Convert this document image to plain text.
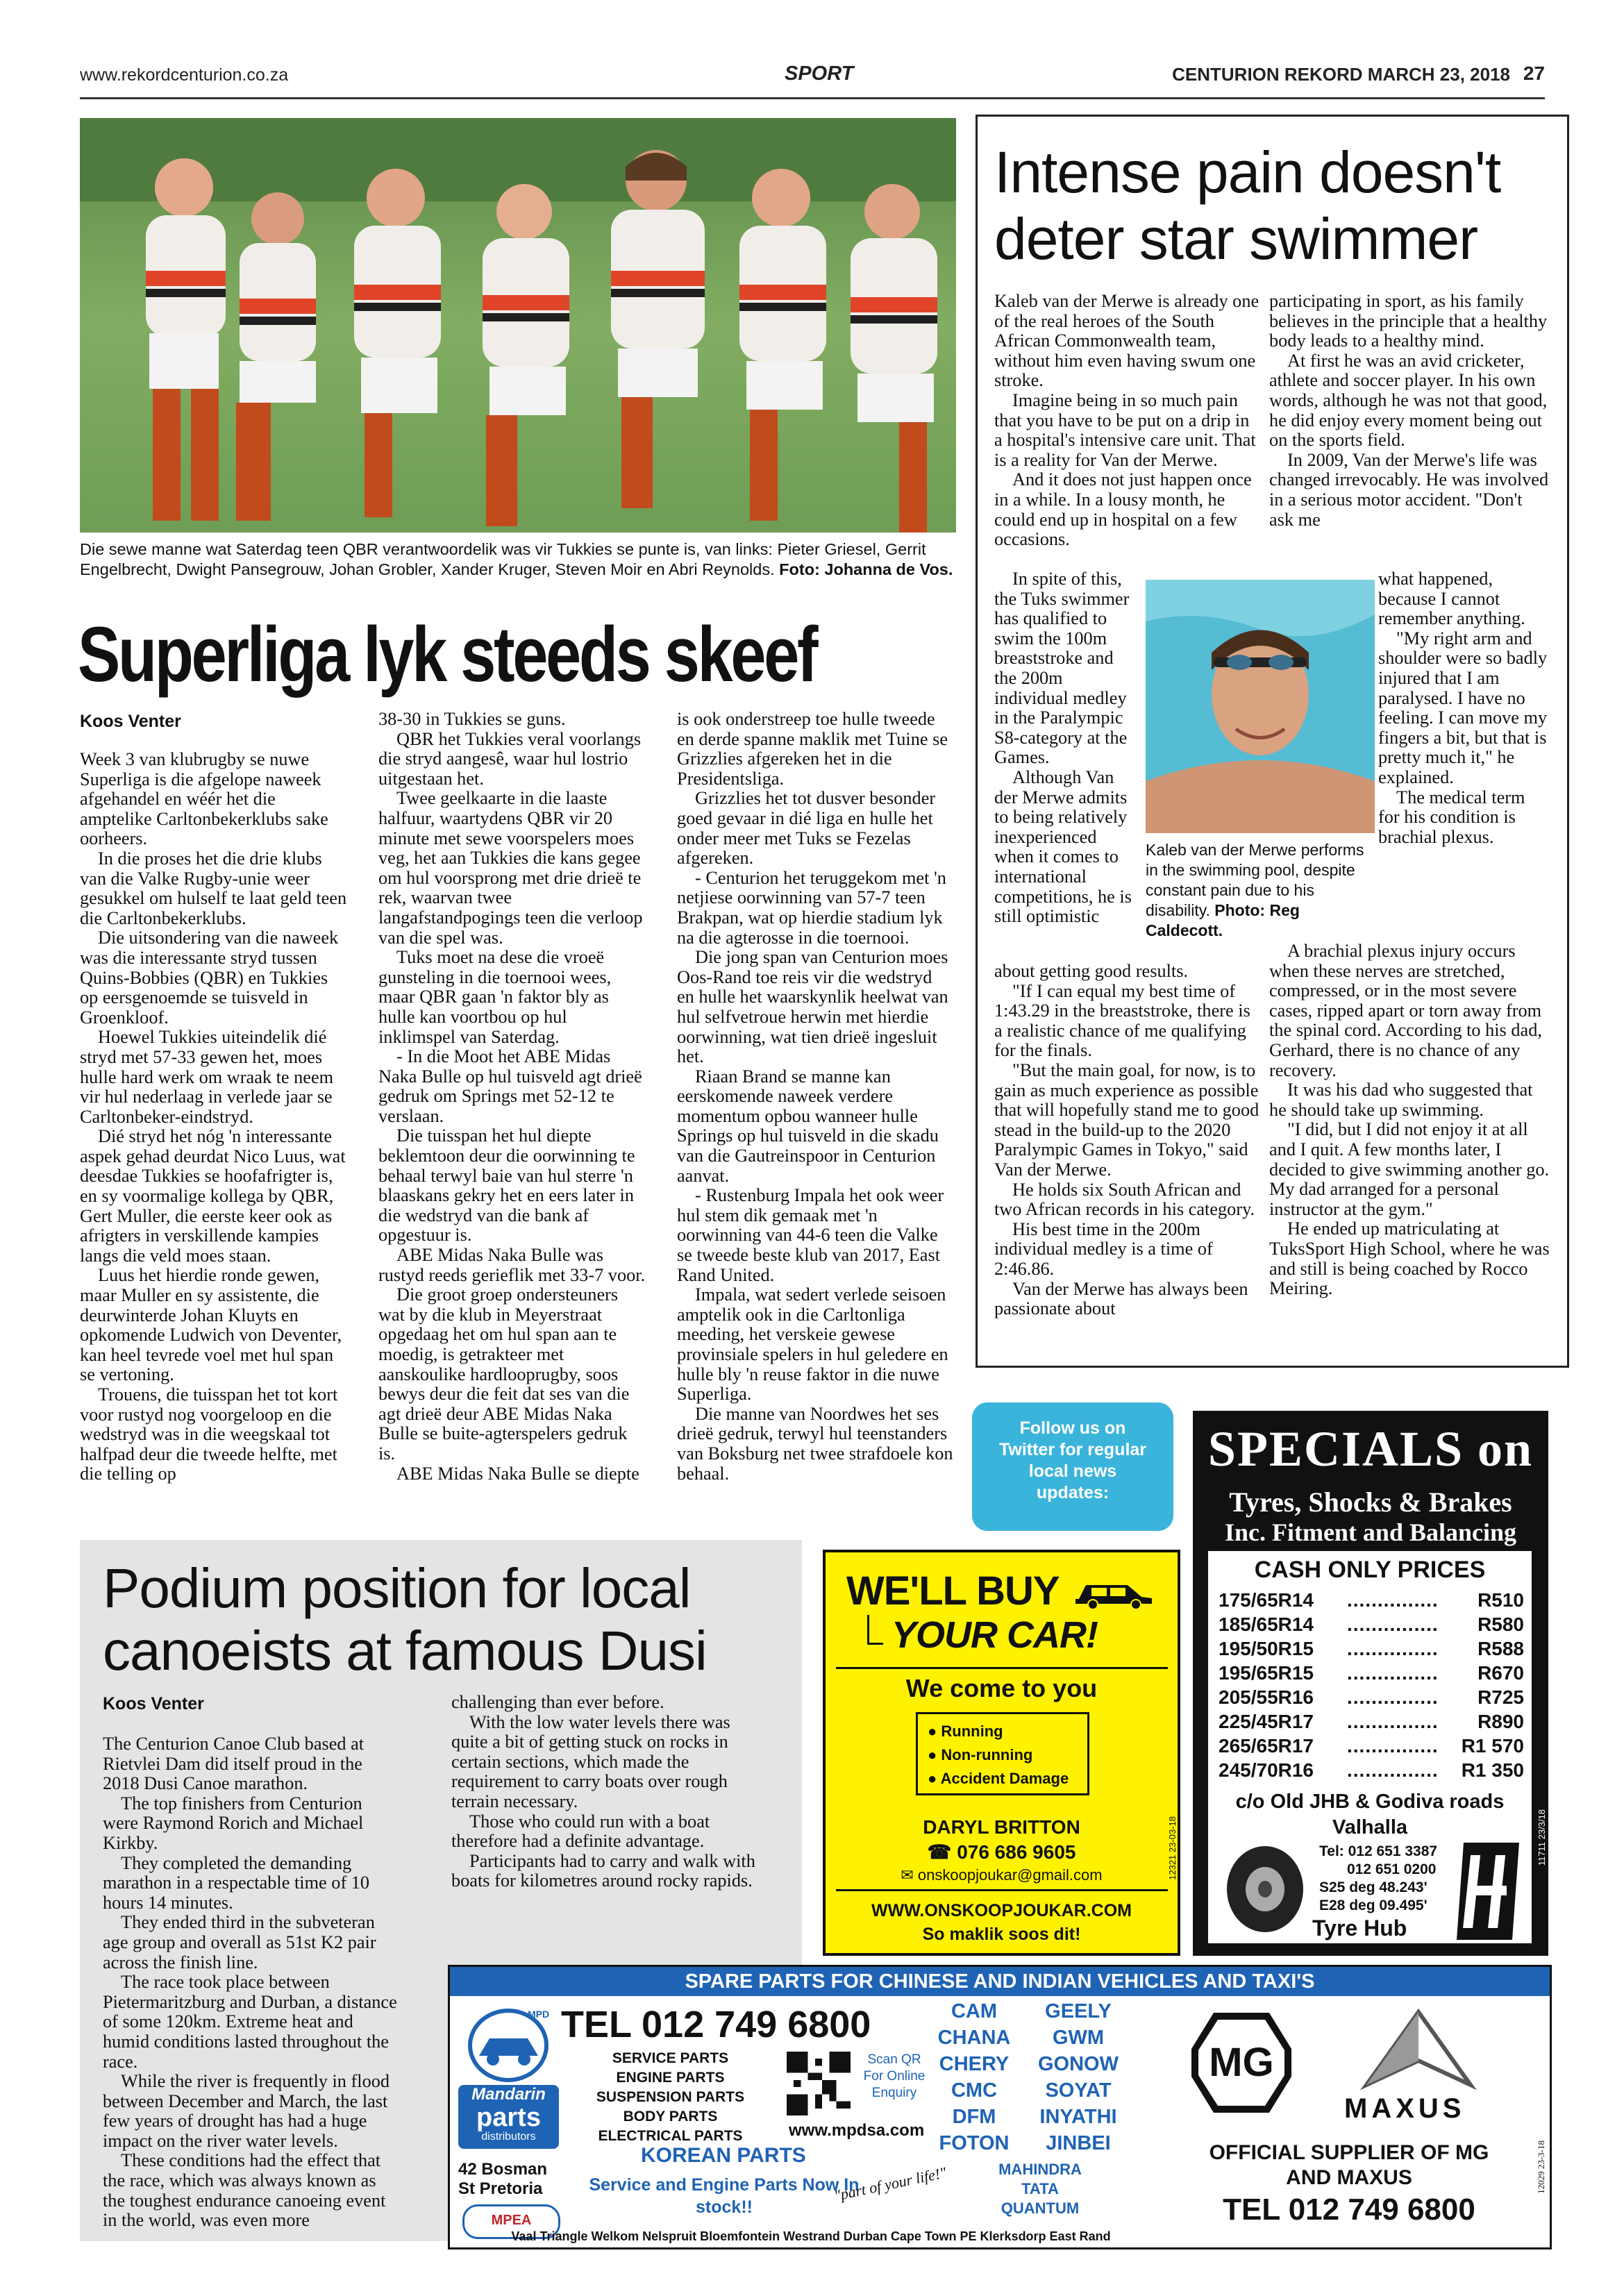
www.rekordcenturion.co.za	SPORT	CENTURION REKORD MARCH 23, 2018 27
Die sewe manne wat Saterdag teen QBR verantwoordelik was vir Tukkies se punte is, van links: Pieter Griesel, Gerrit Engelbrecht, Dwight Pansegrouw, Johan Grobler, Xander Kruger, Steven Moir en Abri Reynolds. Foto: Johanna de Vos.
Superliga lyk steeds skeef
Koos Venter

Week 3 van klubrugby se nuwe Superliga is die afgelope naweek afgehandel en wéér het die amptelike Carltonbekerklubs sake oorheers.

In die proses het die drie klubs van die Valke Rugby-unie weer gesukkel om hulself te laat geld teen die Carltonbekerklubs.

Die uitsondering van die naweek was die interessante stryd tussen Quins-Bobbies (QBR) en Tukkies op eersgenoemde se tuisveld in Groenkloof.

Hoewel Tukkies uiteindelik dié stryd met 57-33 gewen het, moes hulle hard werk om wraak te neem vir hul nederlaag in verlede jaar se Carltonbeker-eindstryd.

Dié stryd het nóg 'n interessante aspek gehad deurdat Nico Luus, wat deesdae Tukkies se hoofafrigter is, en sy voormalige kollega by QBR, Gert Muller, die eerste keer ook as afrigters in verskillende kampies langs die veld moes staan.

Luus het hierdie ronde gewen, maar Muller en sy assistente, die deurwinterde Johan Kluyts en opkomende Ludwich von Deventer, kan heel tevrede voel met hul span se vertoning.

Trouens, die tuisspan het tot kort voor rustyd nog voorgeloop en die wedstryd was in die weegskaal tot halfpad deur die tweede helfte, met die telling op

38-30 in Tukkies se guns.

QBR het Tukkies veral voorlangs die stryd aangesê, waar hul lostrio uitgestaan het.

Twee geelkaarte in die laaste halfuur, waartydens QBR vir 20 minute met sewe voorspelers moes veg, het aan Tukkies die kans gegee om hul voorsprong met drie drieë te rek, waarvan twee langafstandpogings teen die verloop van die spel was.

Tuks moet na dese die vroeë gunsteling in die toernooi wees, maar QBR gaan 'n faktor bly as hulle kan voortbou op hul inklimspel van Saterdag.

- In die Moot het ABE Midas Naka Bulle op hul tuisveld agt drieë gedruk om Springs met 52-12 te verslaan.

Die tuisspan het hul diepte beklemtoon deur die oorwinning te behaal terwyl baie van hul sterre 'n blaaskans gekry het en eers later in die wedstryd van die bank af opgestuur is.

ABE Midas Naka Bulle was rustyd reeds gerieflik met 33-7 voor.

Die groot groep ondersteuners wat by die klub in Meyerstraat opgedaag het om hul span aan te moedig, is getrakteer met aanskoulike hardlooprugby, soos bewys deur die feit dat ses van die agt drieë deur ABE Midas Naka Bulle se buite-agterspelers gedruk is.

ABE Midas Naka Bulle se diepte

is ook onderstreep toe hulle tweede en derde spanne maklik met Tuine se Grizzlies afgereken het in die Presidentsliga.

Grizzlies het tot dusver besonder goed gevaar in dié liga en hulle het onder meer met Tuks se Fezelas afgereken.

- Centurion het teruggekom met 'n netjiese oorwinning van 57-7 teen Brakpan, wat op hierdie stadium lyk na die agterosse in die toernooi.

Die jong span van Centurion moes Oos-Rand toe reis vir die wedstryd en hulle het waarskynlik heelwat van hul selfvetroue herwin met hierdie oorwinning, wat tien drieë ingesluit het.

Riaan Brand se manne kan eerskomende naweek verdere momentum opbou wanneer hulle Springs op hul tuisveld in die skadu van die Gautreinspoor in Centurion aanvat.

- Rustenburg Impala het ook weer hul stem dik gemaak met 'n oorwinning van 44-6 teen die Valke se tweede beste klub van 2017, East Rand United.

Impala, wat sedert verlede seisoen amptelik ook in die Carltonliga meeding, het verskeie gewese provinsiale spelers in hul geledere en hulle bly 'n reuse faktor in die nuwe Superliga.

Die manne van Noordwes het ses drieë gedruk, terwyl hul teenstanders van Boksburg net twee strafdoele kon behaal.

Intense pain doesn't deter star swimmer

Kaleb van der Merwe is already one of the real heroes of the South African Commonwealth team, without him even having swum one stroke.

Imagine being in so much pain that you have to be put on a drip in a hospital's intensive care unit. That is a reality for Van der Merwe.

And it does not just happen once in a while. In a lousy month, he could end up in hospital on a few occasions.

In spite of this, the Tuks swimmer has qualified to swim the 100m breaststroke and the 200m individual medley in the Paralympic S8-category at the Games.

Although Van der Merwe admits to being relatively inexperienced when it comes to international competitions, he is still optimistic

about getting good results.

"If I can equal my best time of 1:43.29 in the breaststroke, there is a realistic chance of me qualifying for the finals.

"But the main goal, for now, is to gain as much experience as possible that will hopefully stand me to good stead in the build-up to the 2020 Paralympic Games in Tokyo," said Van der Merwe.

He holds six South African and two African records in his category.

His best time in the 200m individual medley is a time of 2:46.86.

Van der Merwe has always been passionate about

participating in sport, as his family believes in the principle that a healthy body leads to a healthy mind.

At first he was an avid cricketer, athlete and soccer player. In his own words, although he was not that good, he did enjoy every moment being out on the sports field.

In 2009, Van der Merwe's life was changed irrevocably. He was involved in a serious motor accident. "Don't ask me

what happened, because I cannot remember anything.

"My right arm and shoulder were so badly injured that I am paralysed. I have no feeling. I can move my fingers a bit, but that is pretty much it," he explained.

The medical term for his condition is brachial plexus.

A brachial plexus injury occurs when these nerves are stretched, compressed, or in the most severe cases, ripped apart or torn away from the spinal cord. According to his dad, Gerhard, there is no chance of any recovery.

It was his dad who suggested that he should take up swimming.

"I did, but I did not enjoy it at all and I quit. A few months later, I decided to give swimming another go. My dad arranged for a personal instructor at the gym."

He ended up matriculating at TuksSport High School, where he was and still is being coached by Rocco Meiring.

Kaleb van der Merwe performs in the swimming pool, despite constant pain due to his disability. Photo: Reg Caldecott.
Follow us on
Twitter for regular
local news
updates:
SPECIALS on
Tyres, Shocks & Brakes
Inc. Fitment and Balancing
CASH ONLY PRICES
175/65R14 ............... R510
185/65R14 ............... R580
195/50R15 ............... R588
195/65R15 ............... R670
205/55R16 ............... R725
225/45R17 ............... R890
265/65R17 ............... R1 570
245/70R16 ............... R1 350
c/o Old JHB & Godiva roads
Valhalla
Tel: 012 651 3387
012 651 0200
S25 deg 48.243'
E28 deg 09.495'
Tyre Hub
11711 23/3/18
WE'LL BUY
YOUR CAR!
We come to you
● Running
● Non-running
● Accident Damage
DARYL BRITTON
☎ 076 686 9605
✉ onskoopjoukar@gmail.com
WWW.ONSKOOPJOUKAR.COM
So maklik soos dit!
12321 23-03-18
Podium position for local canoeists at famous Dusi
Koos Venter

The Centurion Canoe Club based at Rietvlei Dam did itself proud in the 2018 Dusi Canoe marathon.

The top finishers from Centurion were Raymond Rorich and Michael Kirkby.

They completed the demanding marathon in a respectable time of 10 hours 14 minutes.

They ended third in the subveteran age group and overall as 51st K2 pair across the finish line.

The race took place between Pietermaritzburg and Durban, a distance of some 120km. Extreme heat and humid conditions lasted throughout the race.

While the river is frequently in flood between December and March, the last few years of drought has had a huge impact on the river water levels.

These conditions had the effect that the race, which was always known as the toughest endurance canoeing event in the world, was even more

challenging than ever before.

With the low water levels there was quite a bit of getting stuck on rocks in certain sections, which made the requirement to carry boats over rough terrain necessary.

Those who could run with a boat therefore had a definite advantage.

Participants had to carry and walk with boats for kilometres around rocky rapids.

SPARE PARTS FOR CHINESE AND INDIAN VEHICLES AND TAXI'S
MPD
Mandarin
parts
distributors
42 Bosman
St Pretoria
MPEA
TEL 012 749 6800
SERVICE PARTS
ENGINE PARTS
SUSPENSION PARTS
BODY PARTS
ELECTRICAL PARTS
Scan QR For Online Enquiry
www.mpdsa.com
KOREAN PARTS
Service and Engine Parts Now In stock!!
"part of your life!"
CAM
CHANA
CHERY
CMC
DFM
FOTON
GEELY
GWM
GONOW
SOYAT
INYATHI
JINBEI
MAHINDRA
TATA
QUANTUM
MG
MAXUS
OFFICIAL SUPPLIER OF MG
AND MAXUS
TEL 012 749 6800
Vaal Triangle Welkom Nelspruit Bloemfontein Westrand Durban Cape Town PE Klerksdorp East Rand
12029 23-3-18
